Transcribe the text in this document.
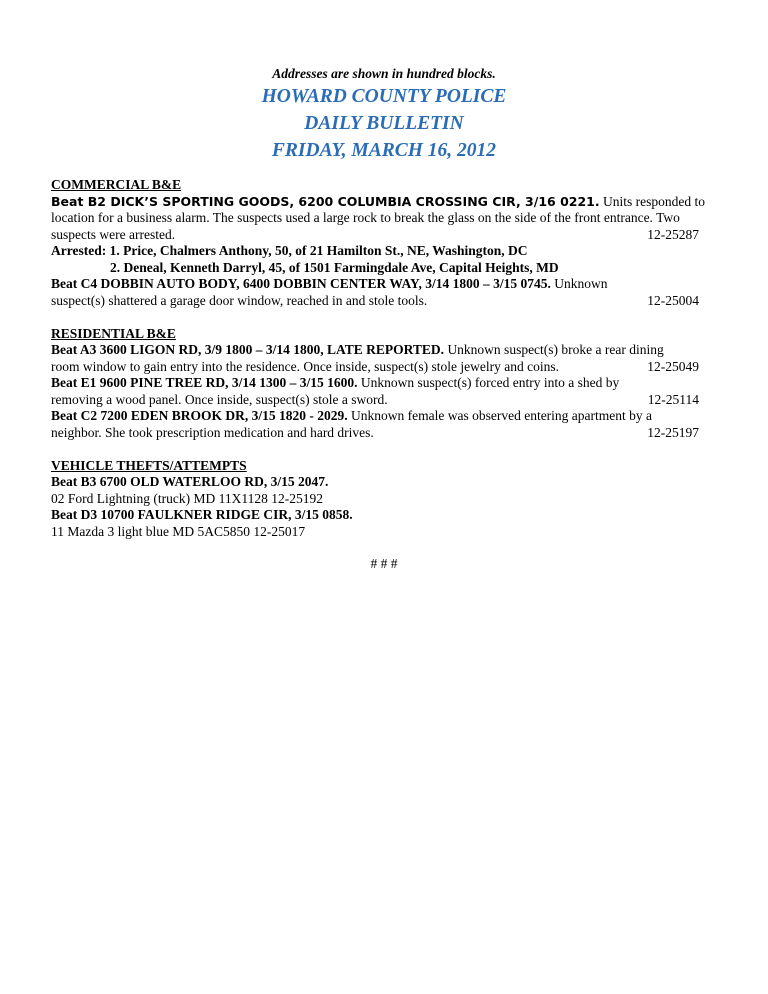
Addresses are shown in hundred blocks.
HOWARD COUNTY POLICE
DAILY BULLETIN
FRIDAY, MARCH 16, 2012
COMMERCIAL B&E
Beat B2 DICK’S SPORTING GOODS, 6200 COLUMBIA CROSSING CIR, 3/16 0221. Units responded to
location for a business alarm. The suspects used a large rock to break the glass on the side of the front entrance. Two
suspects were arrested.	12-25287
Arrested: 1. Price, Chalmers Anthony, 50, of 21 Hamilton St., NE, Washington, DC
2. Deneal, Kenneth Darryl, 45, of 1501 Farmingdale Ave, Capital Heights, MD
Beat C4 DOBBIN AUTO BODY, 6400 DOBBIN CENTER WAY, 3/14 1800 – 3/15 0745. Unknown
suspect(s) shattered a garage door window, reached in and stole tools.	12-25004
RESIDENTIAL B&E
Beat A3 3600 LIGON RD, 3/9 1800 – 3/14 1800, LATE REPORTED. Unknown suspect(s) broke a rear dining
room window to gain entry into the residence. Once inside, suspect(s) stole jewelry and coins.	12-25049
Beat E1 9600 PINE TREE RD, 3/14 1300 – 3/15 1600. Unknown suspect(s) forced entry into a shed by
removing a wood panel. Once inside, suspect(s) stole a sword.	12-25114
Beat C2 7200 EDEN BROOK DR, 3/15 1820 - 2029. Unknown female was observed entering apartment by a
neighbor. She took prescription medication and hard drives.	12-25197
VEHICLE THEFTS/ATTEMPTS
Beat B3 6700 OLD WATERLOO RD, 3/15 2047.
02 Ford Lightning (truck) MD 11X1128 12-25192
Beat D3 10700 FAULKNER RIDGE CIR, 3/15 0858.
11 Mazda 3 light blue MD 5AC5850 12-25017
# # #
